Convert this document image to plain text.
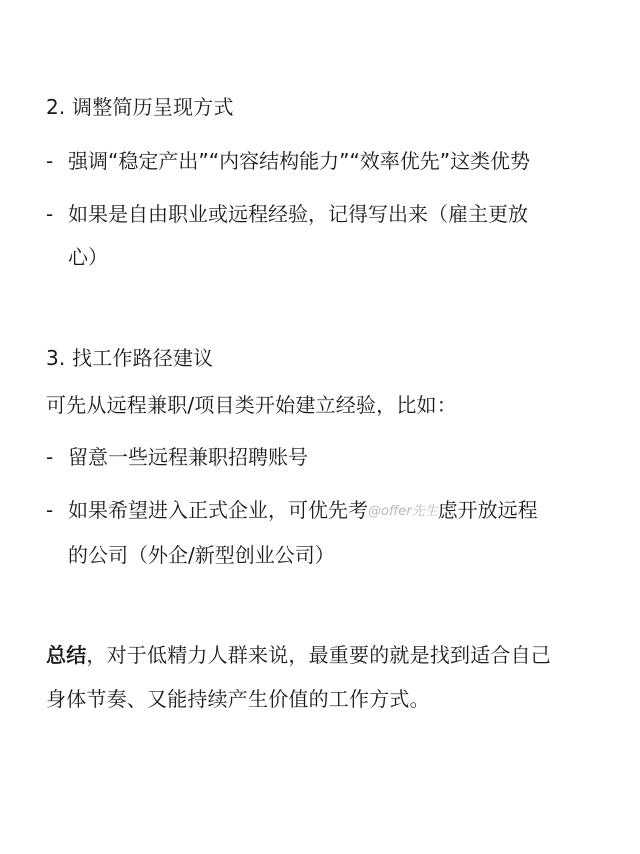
2. 调整简历呈现方式
- 强调“稳定产出”“内容结构能力”“效率优先”这类优势
- 如果是自由职业或远程经验，记得写出来（雇主更放
心）
3. 找工作路径建议
可先从远程兼职/项目类开始建立经验，比如：
- 留意一些远程兼职招聘账号
- 如果希望进入正式企业，可优先考@offer先生虑开放远程
的公司（外企/新型创业公司）
总结，对于低精力人群来说，最重要的就是找到适合自己
身体节奏、又能持续产生价值的工作方式。
